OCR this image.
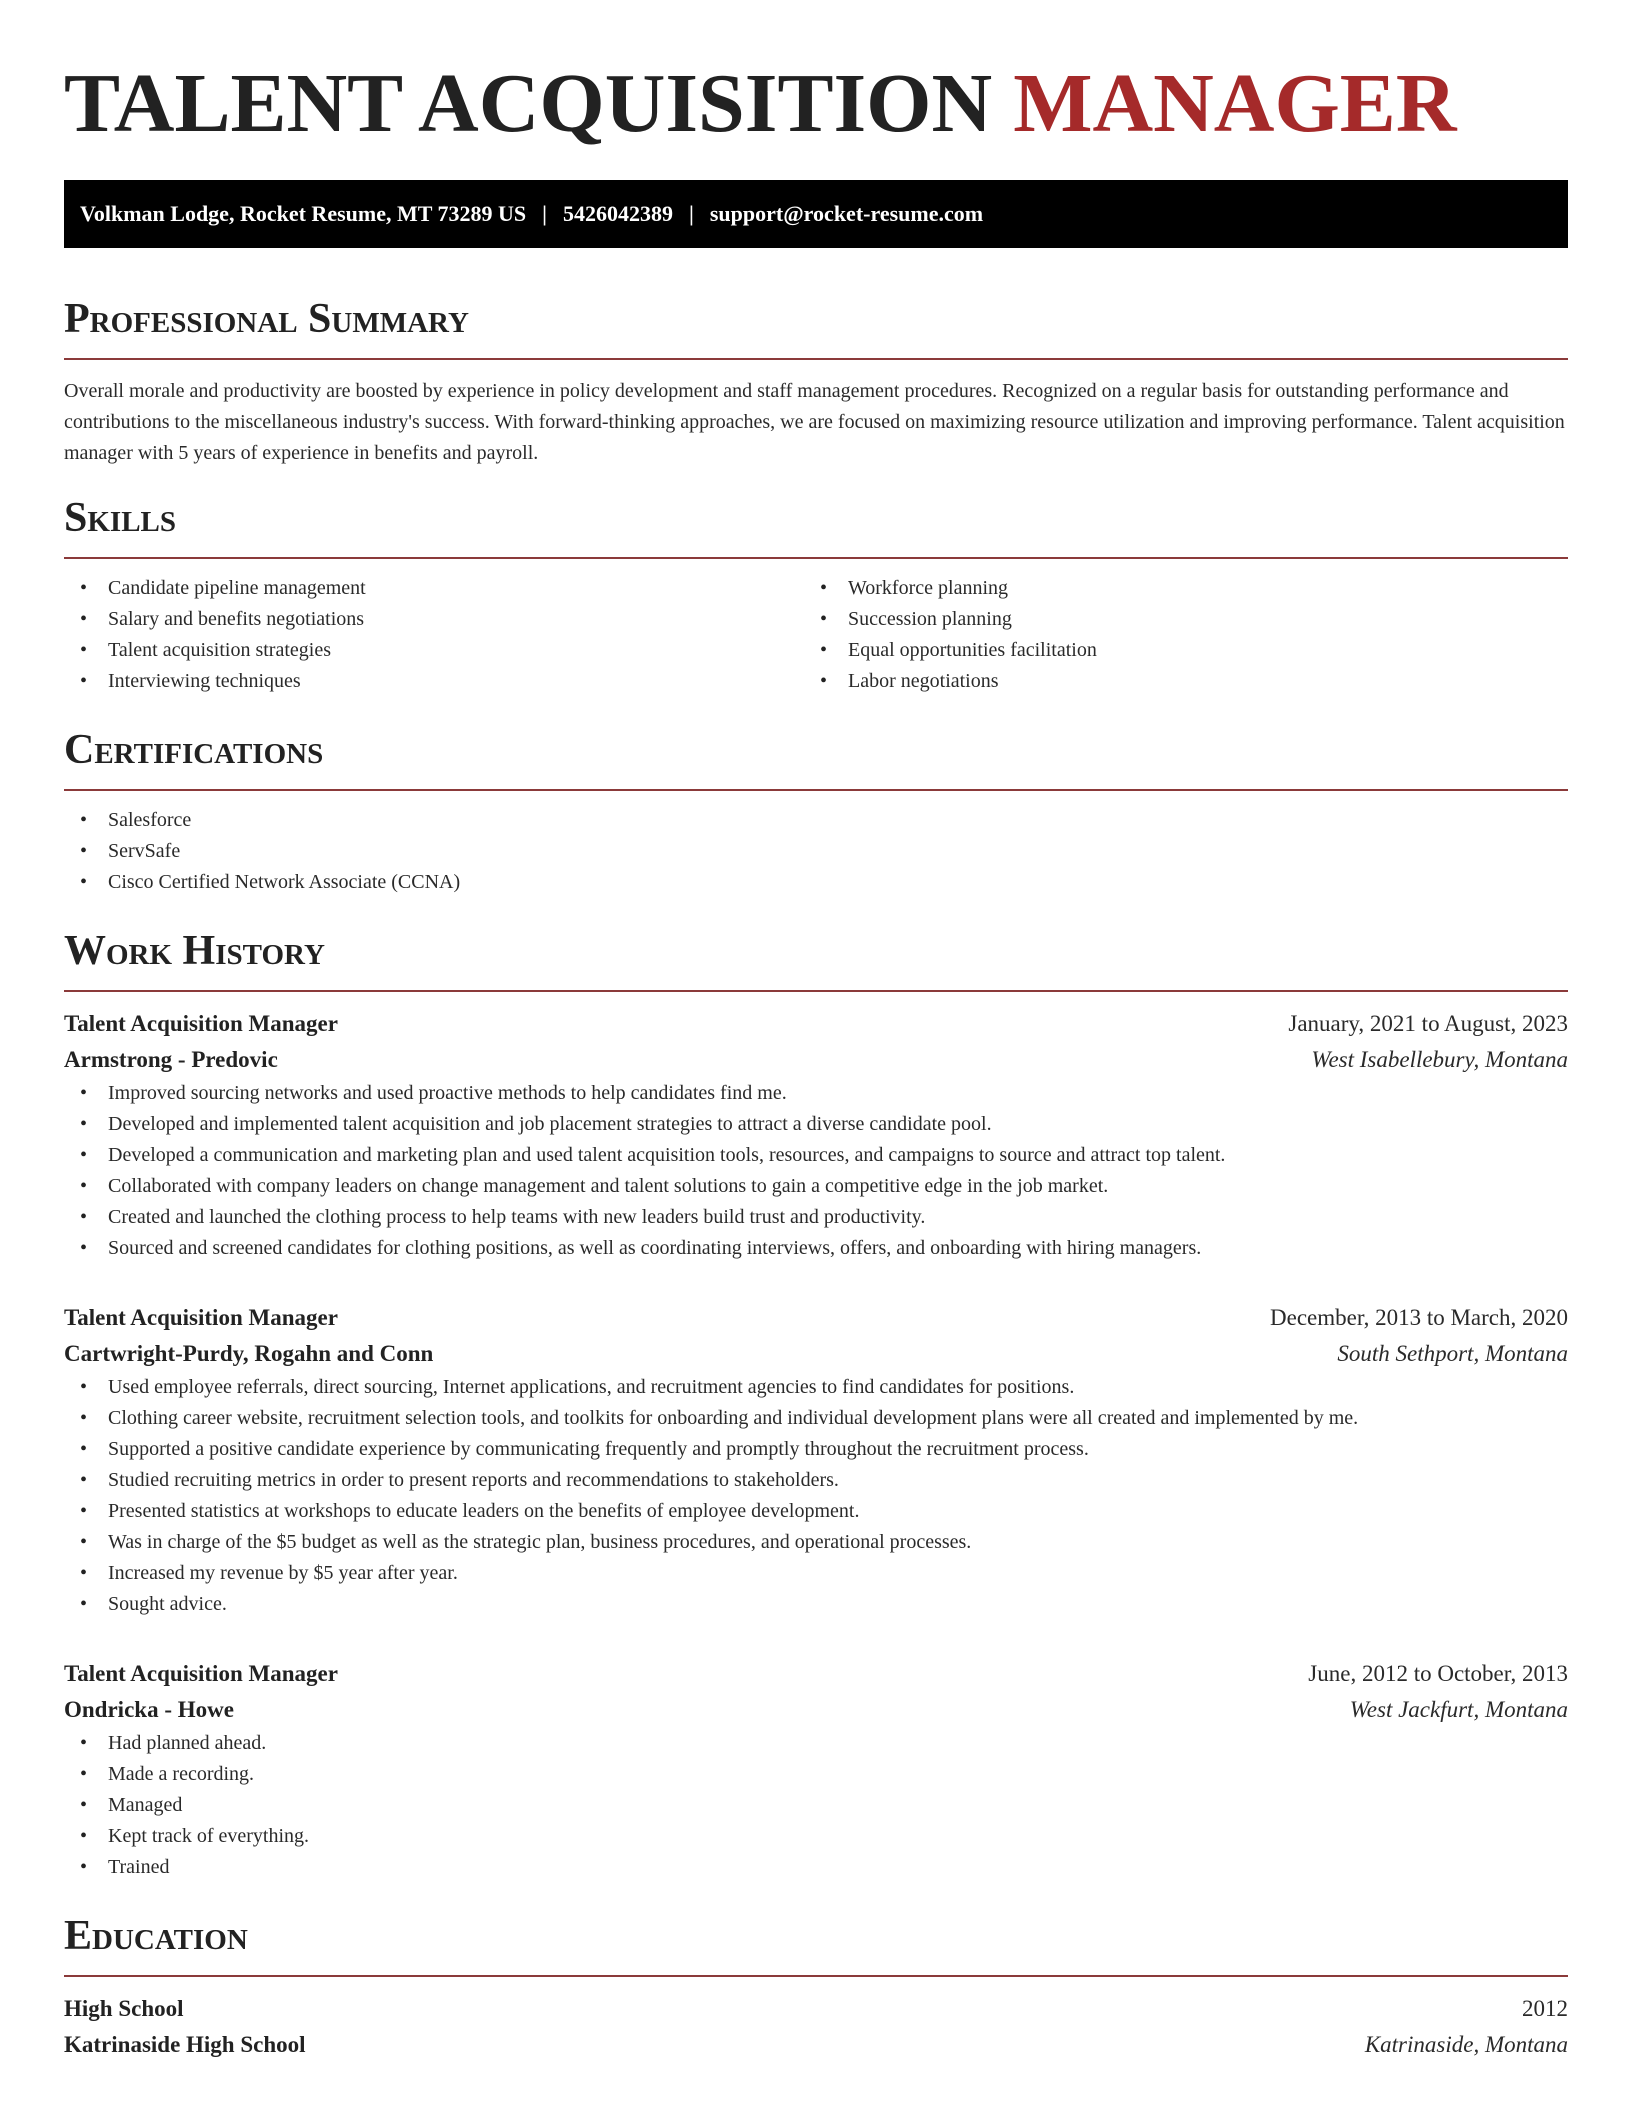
TALENT ACQUISITION MANAGER
Volkman Lodge, Rocket Resume, MT 73289 US | 5426042389 | support@rocket-resume.com
Professional Summary

Overall morale and productivity are boosted by experience in policy development and staff management procedures. Recognized on a regular basis for outstanding performance and contributions to the miscellaneous industry's success. With forward-thinking approaches, we are focused on maximizing resource utilization and improving performance. Talent acquisition manager with 5 years of experience in benefits and payroll.

Skills
• Candidate pipeline management
• Salary and benefits negotiations
• Talent acquisition strategies
• Interviewing techniques
• Workforce planning
• Succession planning
• Equal opportunities facilitation
• Labor negotiations
Certifications
• Salesforce
• ServSafe
• Cisco Certified Network Associate (CCNA)
Work History
Talent Acquisition Manager	January, 2021 to August, 2023
Armstrong - Predovic	West Isabellebury, Montana
• Improved sourcing networks and used proactive methods to help candidates find me.
• Developed and implemented talent acquisition and job placement strategies to attract a diverse candidate pool.
• Developed a communication and marketing plan and used talent acquisition tools, resources, and campaigns to source and attract top talent.
• Collaborated with company leaders on change management and talent solutions to gain a competitive edge in the job market.
• Created and launched the clothing process to help teams with new leaders build trust and productivity.
• Sourced and screened candidates for clothing positions, as well as coordinating interviews, offers, and onboarding with hiring managers.
Talent Acquisition Manager	December, 2013 to March, 2020
Cartwright-Purdy, Rogahn and Conn	South Sethport, Montana
• Used employee referrals, direct sourcing, Internet applications, and recruitment agencies to find candidates for positions.
• Clothing career website, recruitment selection tools, and toolkits for onboarding and individual development plans were all created and implemented by me.
• Supported a positive candidate experience by communicating frequently and promptly throughout the recruitment process.
• Studied recruiting metrics in order to present reports and recommendations to stakeholders.
• Presented statistics at workshops to educate leaders on the benefits of employee development.
• Was in charge of the $5 budget as well as the strategic plan, business procedures, and operational processes.
• Increased my revenue by $5 year after year.
• Sought advice.
Talent Acquisition Manager	June, 2012 to October, 2013
Ondricka - Howe	West Jackfurt, Montana
• Had planned ahead.
• Made a recording.
• Managed
• Kept track of everything.
• Trained
Education
High School	2012
Katrinaside High School	Katrinaside, Montana
